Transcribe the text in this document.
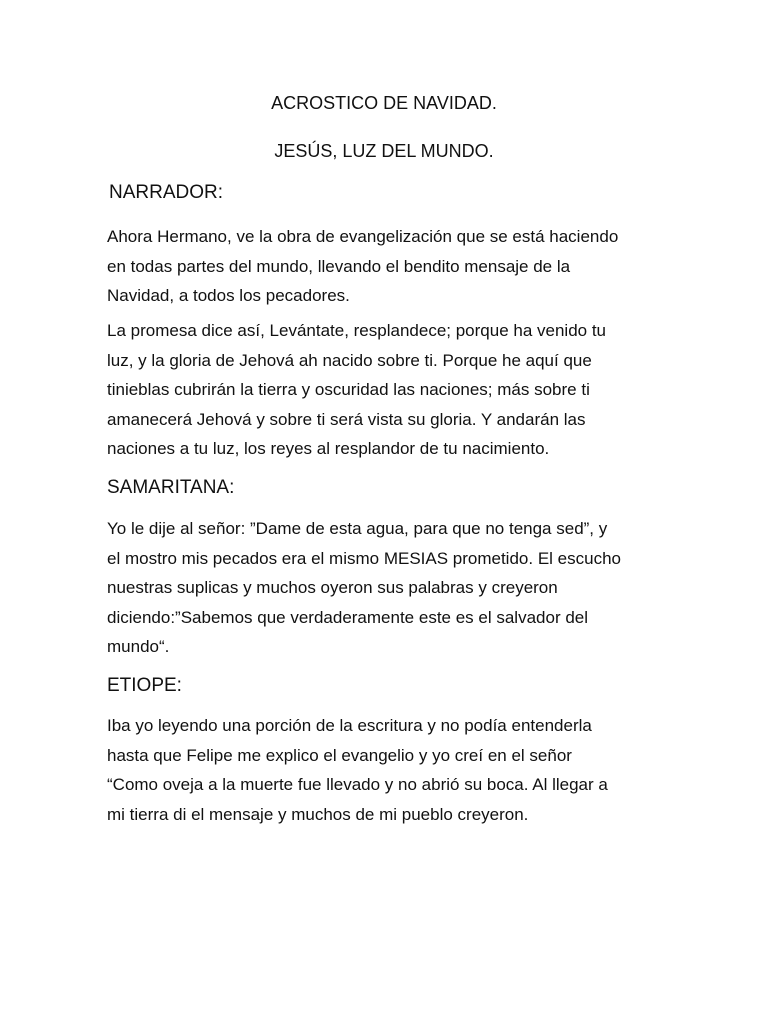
ACROSTICO DE NAVIDAD.
JESÚS, LUZ DEL MUNDO.
NARRADOR:

Ahora Hermano, ve la obra de evangelización que se está haciendo
en todas partes del mundo, llevando el bendito mensaje de la
Navidad, a todos los pecadores.

La promesa dice así, Levántate, resplandece; porque ha venido tu
luz, y la gloria de Jehová ah nacido sobre ti. Porque he aquí que
tinieblas cubrirán la tierra y oscuridad las naciones; más sobre ti
amanecerá Jehová y sobre ti será vista su gloria. Y andarán las
naciones a tu luz, los reyes al resplandor de tu nacimiento.

SAMARITANA:

Yo le dije al señor: ”Dame de esta agua, para que no tenga sed”, y
el mostro mis pecados era el mismo MESIAS prometido. El escucho
nuestras suplicas y muchos oyeron sus palabras y creyeron
diciendo:”Sabemos que verdaderamente este es el salvador del
mundo“.

ETIOPE:

Iba yo leyendo una porción de la escritura y no podía entenderla
hasta que Felipe me explico el evangelio y yo creí en el señor
“Como oveja a la muerte fue llevado y no abrió su boca. Al llegar a
mi tierra di el mensaje y muchos de mi pueblo creyeron.
